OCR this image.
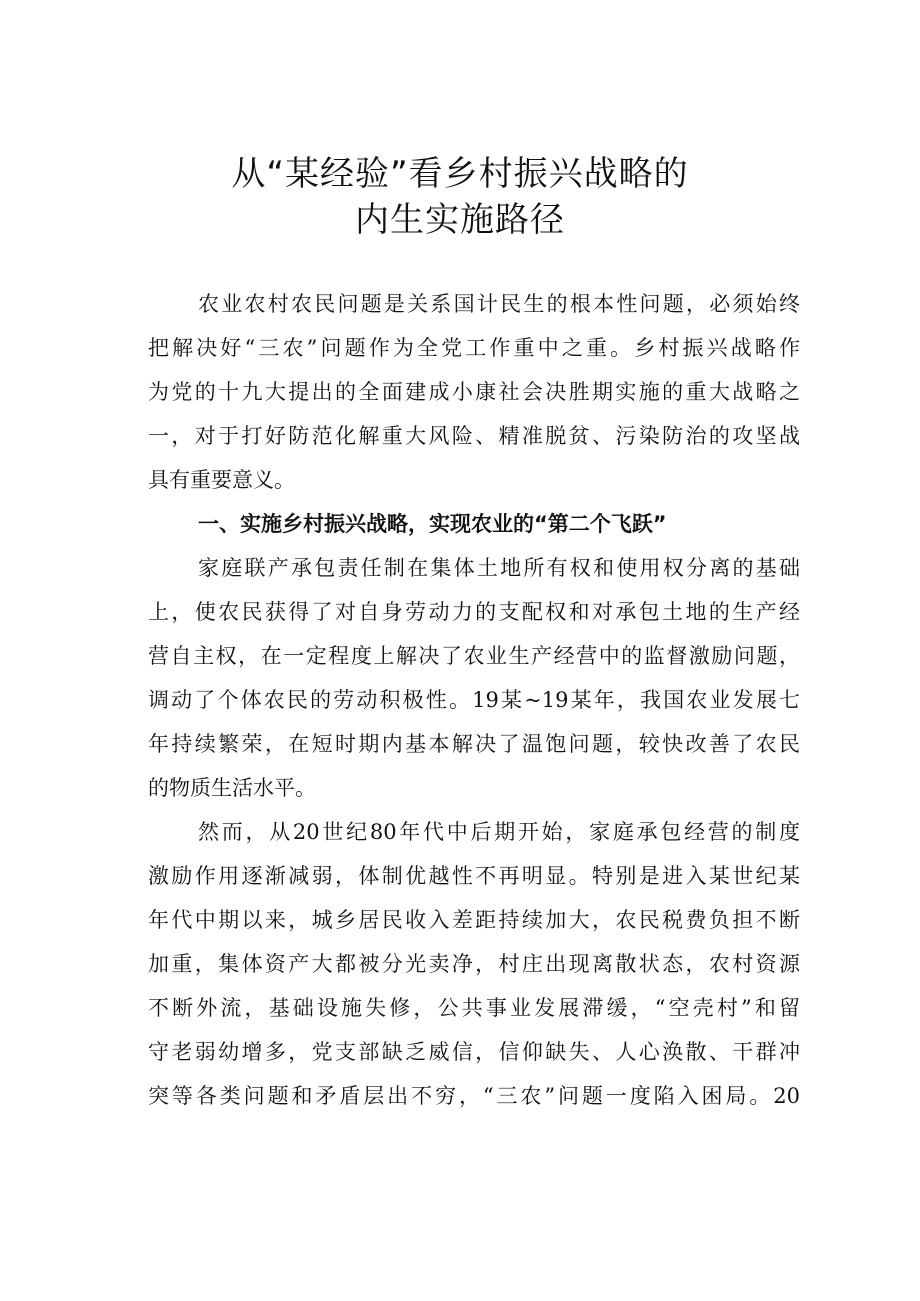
从“某经验”看乡村振兴战略的
内生实施路径
农业农村农民问题是关系国计民生的根本性问题，必须始终
把解决好“三农”问题作为全党工作重中之重。乡村振兴战略作
为党的十九大提出的全面建成小康社会决胜期实施的重大战略之
一，对于打好防范化解重大风险、精准脱贫、污染防治的攻坚战
具有重要意义。
一、实施乡村振兴战略，实现农业的“第二个飞跃”
家庭联产承包责任制在集体土地所有权和使用权分离的基础
上，使农民获得了对自身劳动力的支配权和对承包土地的生产经
营自主权，在一定程度上解决了农业生产经营中的监督激励问题，
调动了个体农民的劳动积极性。19某~19某年，我国农业发展七
年持续繁荣，在短时期内基本解决了温饱问题，较快改善了农民
的物质生活水平。
然而，从20世纪80年代中后期开始，家庭承包经营的制度
激励作用逐渐减弱，体制优越性不再明显。特别是进入某世纪某
年代中期以来，城乡居民收入差距持续加大，农民税费负担不断
加重，集体资产大都被分光卖净，村庄出现离散状态，农村资源
不断外流，基础设施失修，公共事业发展滞缓，“空壳村”和留
守老弱幼增多，党支部缺乏威信，信仰缺失、人心涣散、干群冲
突等各类问题和矛盾层出不穷，“三农”问题一度陷入困局。20
